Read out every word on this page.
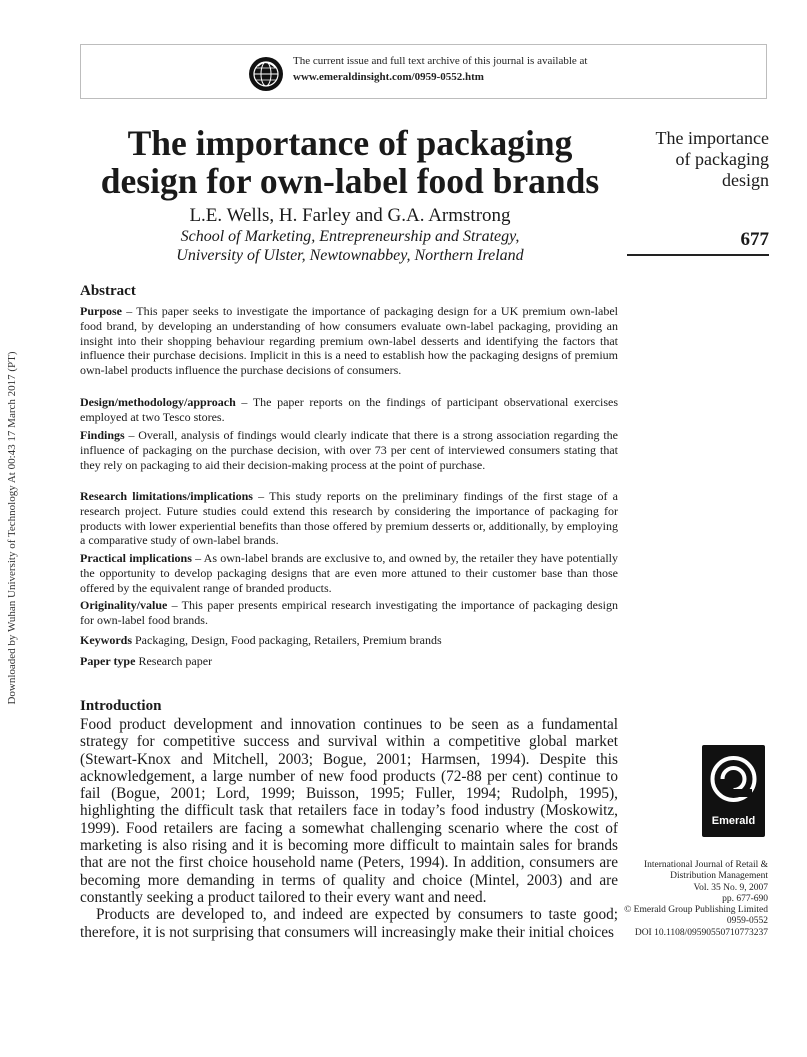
The current issue and full text archive of this journal is available at
www.emeraldinsight.com/0959-0552.htm
Downloaded by Wuhan University of Technology At 00:43 17 March 2017 (PT)
The importance of packaging
design for own-label food brands
L.E. Wells, H. Farley and G.A. Armstrong
School of Marketing, Entrepreneurship and Strategy,
University of Ulster, Newtownabbey, Northern Ireland
The importance
of packaging
design
677
Abstract
Purpose – This paper seeks to investigate the importance of packaging design for a UK premium own-label food brand, by developing an understanding of how consumers evaluate own-label packaging, providing an insight into their shopping behaviour regarding premium own-label desserts and identifying the factors that influence their purchase decisions. Implicit in this is a need to establish how the packaging designs of premium own-label products influence the purchase decisions of consumers.
Design/methodology/approach – The paper reports on the findings of participant observational exercises employed at two Tesco stores.
Findings – Overall, analysis of findings would clearly indicate that there is a strong association regarding the influence of packaging on the purchase decision, with over 73 per cent of interviewed consumers stating that they rely on packaging to aid their decision-making process at the point of purchase.
Research limitations/implications – This study reports on the preliminary findings of the first stage of a research project. Future studies could extend this research by considering the importance of packaging for products with lower experiential benefits than those offered by premium desserts or, additionally, by employing a comparative study of own-label brands.
Practical implications – As own-label brands are exclusive to, and owned by, the retailer they have potentially the opportunity to develop packaging designs that are even more attuned to their customer base than those offered by the equivalent range of branded products.
Originality/value – This paper presents empirical research investigating the importance of packaging design for own-label food brands.
Keywords Packaging, Design, Food packaging, Retailers, Premium brands
Paper type Research paper
Introduction

Food product development and innovation continues to be seen as a fundamental strategy for competitive success and survival within a competitive global market (Stewart-Knox and Mitchell, 2003; Bogue, 2001; Harmsen, 1994). Despite this acknowledgement, a large number of new food products (72-88 per cent) continue to fail (Bogue, 2001; Lord, 1999; Buisson, 1995; Fuller, 1994; Rudolph, 1995), highlighting the difficult task that retailers face in today’s food industry (Moskowitz, 1999). Food retailers are facing a somewhat challenging scenario where the cost of marketing is also rising and it is becoming more difficult to maintain sales for brands that are not the first choice household name (Peters, 1994). In addition, consumers are becoming more demanding in terms of quality and choice (Mintel, 2003) and are constantly seeking a product tailored to their every want and need.

Products are developed to, and indeed are expected by consumers to taste good; therefore, it is not surprising that consumers will increasingly make their initial choices

Emerald
International Journal of Retail &
Distribution Management
Vol. 35 No. 9, 2007
pp. 677-690
© Emerald Group Publishing Limited
0959-0552
DOI 10.1108/09590550710773237
